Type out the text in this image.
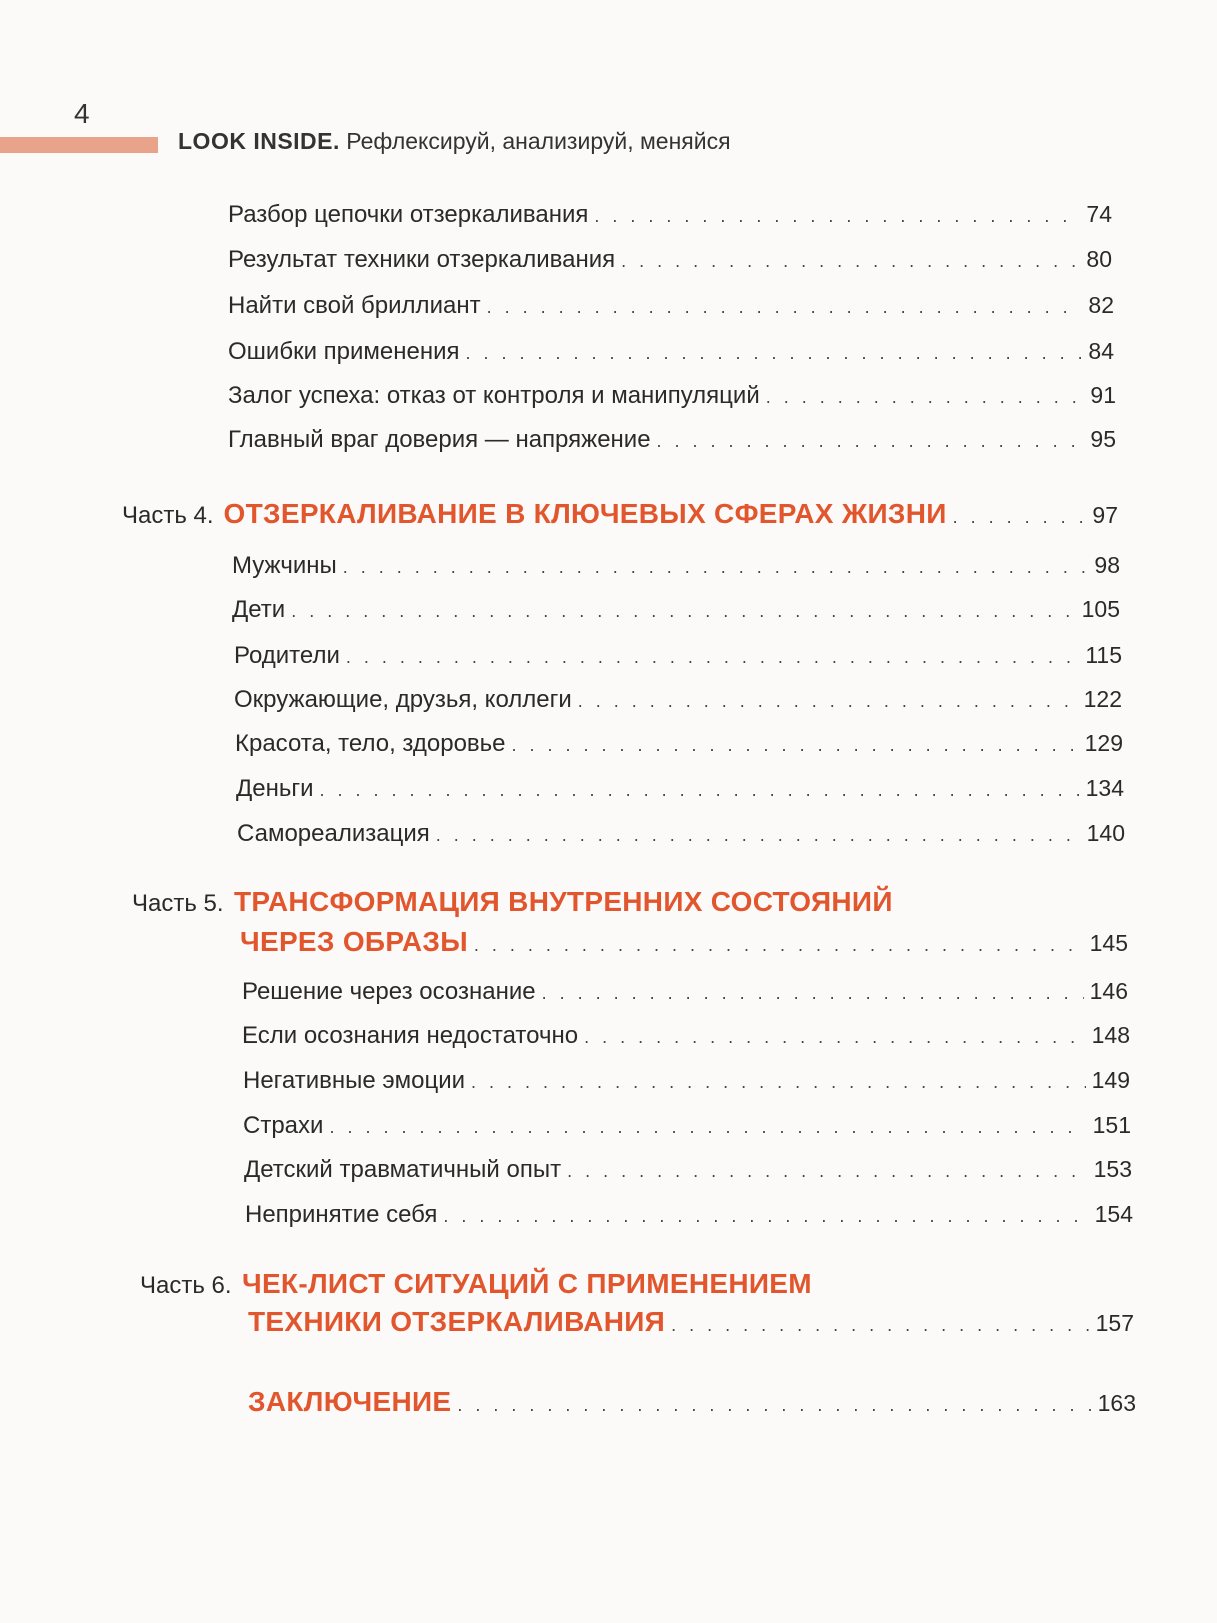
4
LOOK INSIDE. Рефлексируй, анализируй, меняйся
Разбор цепочки отзеркаливания . . .	74
Результат техники отзеркаливания . . .	80
Найти свой бриллиант . . .	82
Ошибки применения . . .	84
Залог успеха: отказ от контроля и манипуляций . . .	91
Главный враг доверия — напряжение . . .	95
Часть 4. ОТЗЕРКАЛИВАНИЕ В КЛЮЧЕВЫХ СФЕРАХ ЖИЗНИ . . .	97
Мужчины . . .	98
Дети . . .	105
Родители . . .	115
Окружающие, друзья, коллеги . . .	122
Красота, тело, здоровье . . .	129
Деньги . . .	134
Самореализация . . .	140
Часть 5. ТРАНСФОРМАЦИЯ ВНУТРЕННИХ СОСТОЯНИЙ
ЧЕРЕЗ ОБРАЗЫ . . .	145
Решение через осознание . . .	146
Если осознания недостаточно . . .	148
Негативные эмоции . . .	149
Страхи . . .	151
Детский травматичный опыт . . .	153
Непринятие себя . . .	154
Часть 6. ЧЕК-ЛИСТ СИТУАЦИЙ С ПРИМЕНЕНИЕМ
ТЕХНИКИ ОТЗЕРКАЛИВАНИЯ . . .	157
ЗАКЛЮЧЕНИЕ . . .	163
